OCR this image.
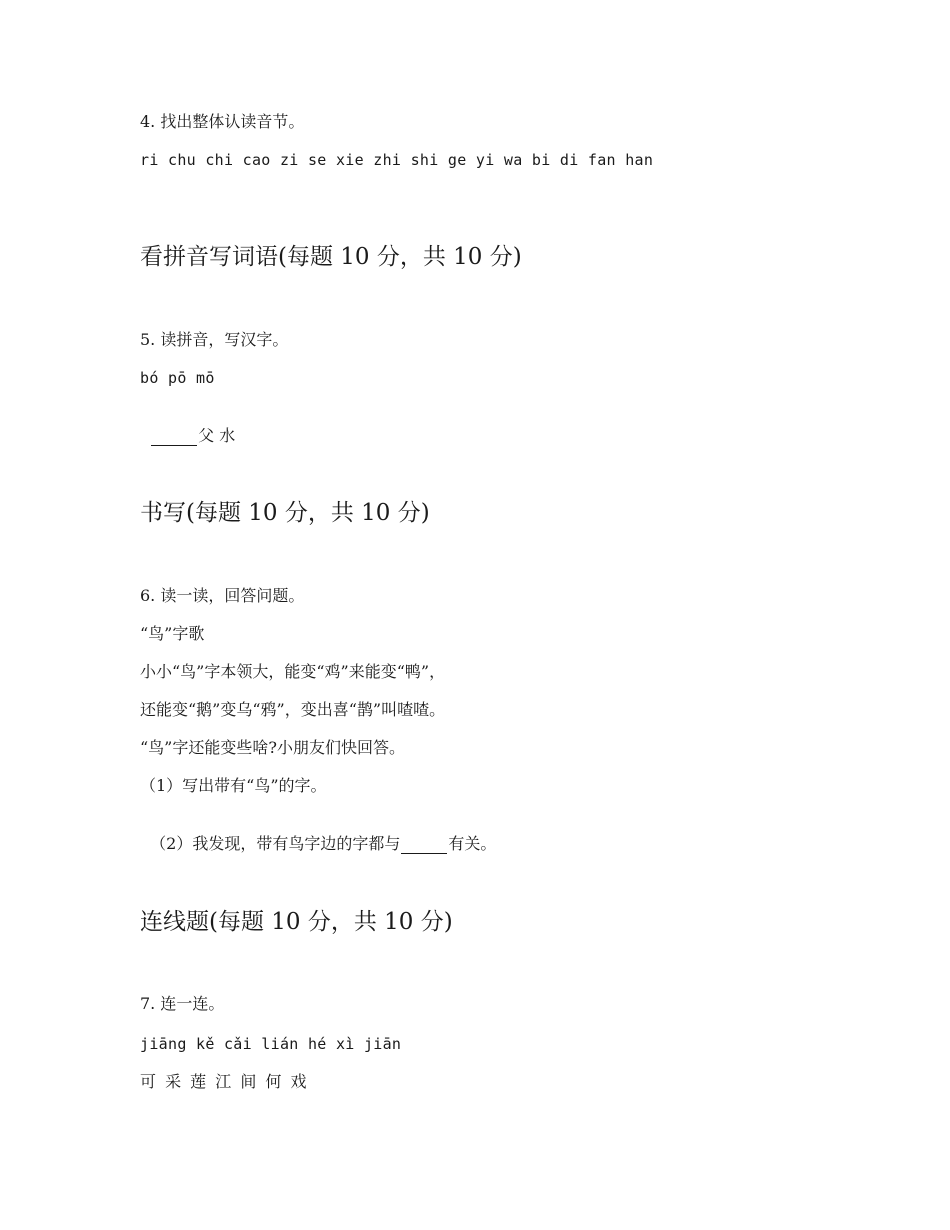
4. 找出整体认读音节。
ri chu chi cao zi se xie zhi shi ge yi wa bi di fan han
看拼音写词语(每题 10 分，共 10 分)
5. 读拼音，写汉字。
bó pō mō

父 水

书写(每题 10 分，共 10 分)
6. 读一读，回答问题。
“鸟”字歌
小小“鸟”字本领大，能变“鸡”来能变“鸭”，
还能变“鹅”变乌“鸦”，变出喜“鹊”叫喳喳。
“鸟”字还能变些啥?小朋友们快回答。
（1）写出带有“鸟”的字。

（2）我发现，带有鸟字边的字都与	有关。

连线题(每题 10 分，共 10 分)
7. 连一连。
jiāng kě cǎi lián hé xì jiān
可 采 莲 江 间 何 戏
